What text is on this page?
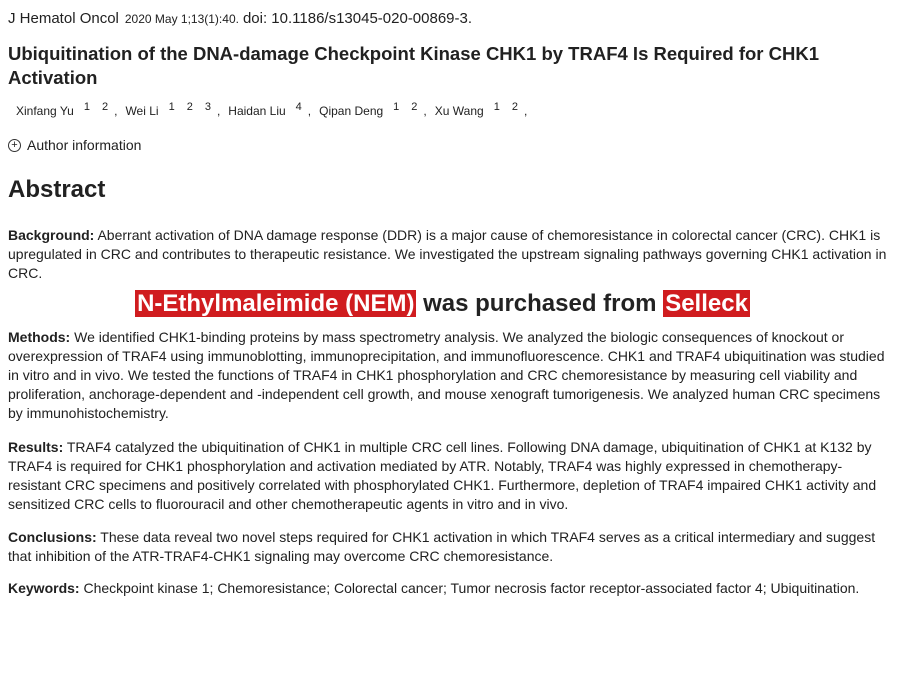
J Hematol Oncol 2020 May 1;13(1):40. doi: 10.1186/s13045-020-00869-3.
Ubiquitination of the DNA-damage Checkpoint Kinase CHK1 by TRAF4 Is Required for CHK1 Activation
Xinfang Yu $^1$ $^2$ , Wei Li $^1$ $^2$ $^3$ , Haidan Liu $^4$ , Qipan Deng $^1$ $^2$ , Xu Wang $^1$ $^2$ ,
+ Author information
Abstract

Background: Aberrant activation of DNA damage response (DDR) is a major cause of chemoresistance in colorectal cancer (CRC). CHK1 is upregulated in CRC and contributes to therapeutic resistance. We investigated the upstream signaling pathways governing CHK1 activation in CRC.

Methods: We identified CHK1-binding proteins by mass spectrometry analysis. We analyzed the biologic consequences of knockout or overexpression of TRAF4 using immunoblotting, immunoprecipitation, and immunofluorescence. CHK1 and TRAF4 ubiquitination was studied in vitro and in vivo. We tested the functions of TRAF4 in CHK1 phosphorylation and CRC chemoresistance by measuring cell viability and proliferation, anchorage-dependent and -independent cell growth, and mouse xenograft tumorigenesis. We analyzed human CRC specimens by immunohistochemistry.

Results: TRAF4 catalyzed the ubiquitination of CHK1 in multiple CRC cell lines. Following DNA damage, ubiquitination of CHK1 at K132 by TRAF4 is required for CHK1 phosphorylation and activation mediated by ATR. Notably, TRAF4 was highly expressed in chemotherapy-resistant CRC specimens and positively correlated with phosphorylated CHK1. Furthermore, depletion of TRAF4 impaired CHK1 activity and sensitized CRC cells to fluorouracil and other chemotherapeutic agents in vitro and in vivo.

Conclusions: These data reveal two novel steps required for CHK1 activation in which TRAF4 serves as a critical intermediary and suggest that inhibition of the ATR-TRAF4-CHK1 signaling may overcome CRC chemoresistance.

Keywords: Checkpoint kinase 1; Chemoresistance; Colorectal cancer; Tumor necrosis factor receptor-associated factor 4; Ubiquitination.

N-Ethylmaleimide (NEM) was purchased from Selleck
